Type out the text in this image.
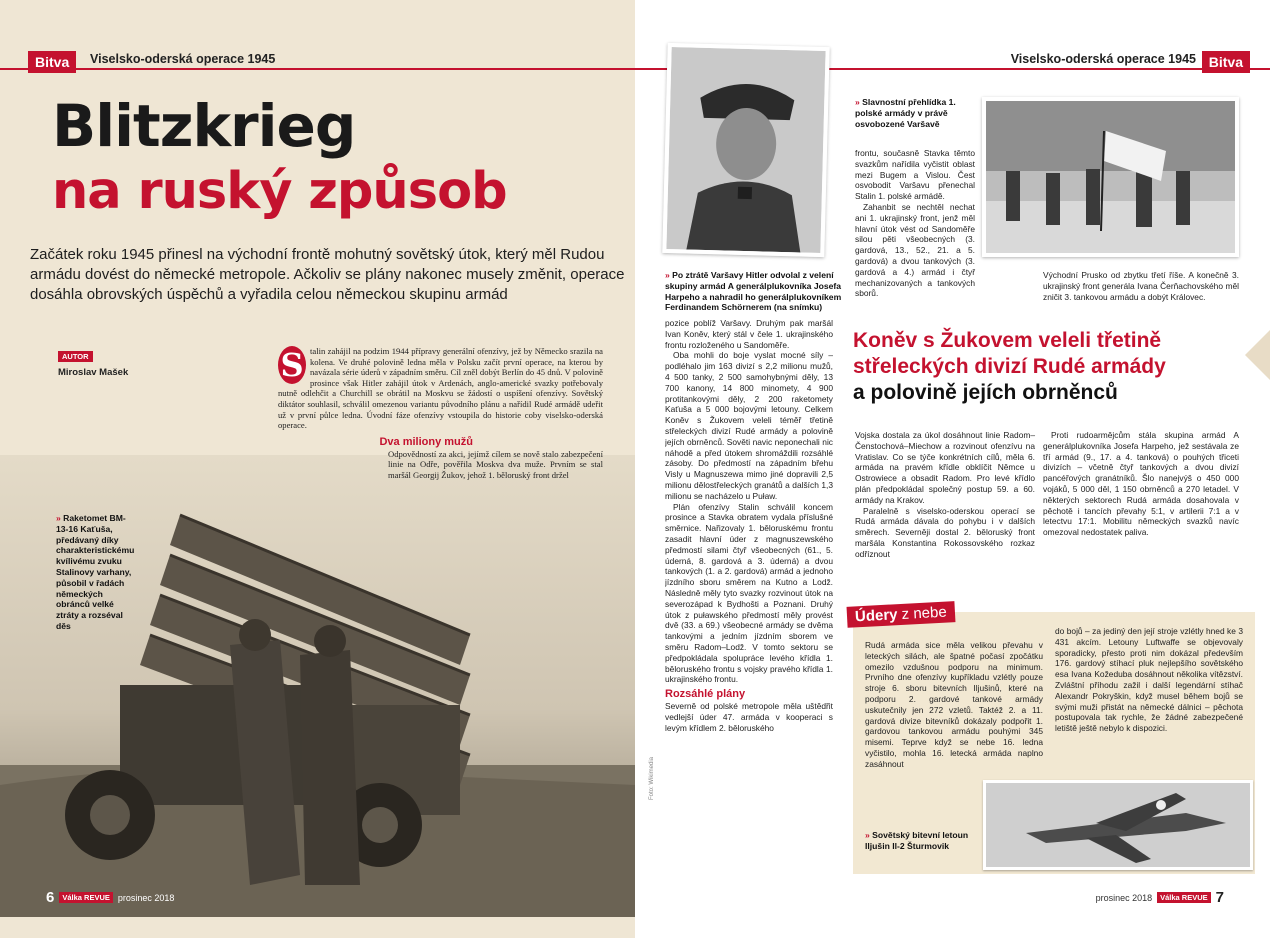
Bitva	Viselsko-oderská operace 1945
Blitzkrieg
na ruský způsob
Začátek roku 1945 přinesl na východní frontě mohutný sovětský útok, který měl Rudou armádu dovést do německé metropole. Ačkoliv se plány nakonec musely změnit, operace dosáhla obrovských úspěchů a vyřadila celou německou skupinu armád
AUTOR
Miroslav Mašek	S talin zahájil na podzim 1944 přípravy generální ofenzívy, jež by Německo srazila na kolena. Ve druhé polovině ledna měla v Polsku začít první operace, na kterou by navázala série úderů v západním směru. Cíl zněl dobýt Berlín do 45 dnů. V polovině prosince však Hitler zahájil útok v Ardenách, anglo-americké svazky potřebovaly nutně odlehčit a Churchill se obrátil na Moskvu se žádostí o uspíšení ofenzívy. Sovětský diktátor souhlasil, schválil omezenou variantu původního plánu a nařídil Rudé armádě udeřit už v první půlce ledna. Úvodní fáze ofenzívy vstoupila do historie coby viselsko-oderská operace.
Dva miliony mužů
Odpovědností za akci, jejímž cílem se nově stalo zabezpečení linie na Odře, pověřila Moskva dva muže. Prvním se stal maršál Georgij Žukov, jehož 1. běloruský front držel
» Raketomet BM-13-16 Kaťuša, předávaný díky charakteristickému kvílivému zvuku Stalinovy varhany, působil v řadách německých obránců velké ztráty a rozséval děs
6	Válka REVUE prosinec 2018
Viselsko-oderská operace 1945 Bitva
» Po ztrátě Varšavy Hitler odvolal z velení skupiny armád A generálplukovníka Josefa Harpeho a nahradil ho generálplukovníkem Ferdinandem Schörnerem (na snímku)
» Slavnostní přehlídka 1. polské armády v právě osvobozené Varšavě
pozice poblíž Varšavy. Druhým pak maršál Ivan Koněv, který stál v čele 1. ukrajinského frontu rozloženého u Sandoměře.
Oba mohli do boje vyslat mocné síly – podléhalo jim 163 divizí s 2,2 milionu mužů, 4 500 tanky, 2 500 samohybnými děly, 13 700 kanony, 14 800 minomety, 4 900 protitankovými děly, 2 200 raketomety Kaťuša a 5 000 bojovými letouny. Celkem Koněv s Žukovem veleli téměř třetině střeleckých divizí Rudé armády a polovině jejích obrněnců. Sověti navic neponechali nic náhodě a před útokem shromáždili rozsáhlé zásoby. Do předmostí na západním břehu Visly u Magnuszewa mimo jiné dopravili 2,5 milionu dělostřeleckých granátů a dalších 1,3 milionu se nacházelo u Puław.
Plán ofenzívy Stalin schválil koncem prosince a Stavka obratem vydala příslušné směrnice. Nařizovaly 1. běloruskému frontu zasadit hlavní úder z magnuszewského předmostí silami čtyř všeobecných (61., 5. úderná, 8. gardová a 3. úderná) a dvou tankových (1. a 2. gardová) armád a jednoho jízdního sboru směrem na Kutno a Lodž. Následně měly tyto svazky rozvinout útok na severozápad k Bydhošti a Poznani. Druhý útok z puławského předmostí měly provést dvě (33. a 69.) všeobecné armády se dvěma tankovými a jedním jízdním sborem ve směru Radom–Lodž. V tomto sektoru se předpokládala spolupráce levého křídla 1. běloruského frontu s vojsky pravého křídla 1. ukrajinského frontu.
Rozsáhlé plány
Severně od polské metropole měla uštědřit vedlejší úder 47. armáda v kooperaci s levým křídlem 2. běloruského
Foto: Wikimedia
frontu, současně Stavka těmto svazkům nařídila vyčistit oblast mezi Bugem a Vislou. Čest osvobodit Varšavu přenechal Stalin 1. polské armádě.
Zahanbit se nechtěl nechat ani 1. ukrajinský front, jenž měl hlavní útok vést od Sandoměře silou pěti všeobecných (3. gardová, 13., 52., 21. a 5. gardová) a dvou tankových (3. gardová a 4.) armád i čtyř mechanizovaných a tankových sborů.
Východní Prusko od zbytku třetí říše. A konečně 3. ukrajinský front generála Ivana Čerňachovského měl zničit 3. tankovou armádu a dobýt Královec.
Koněv s Žukovem veleli třetině
střeleckých divizí Rudé armády
a polovině jejích obrněnců
Vojska dostala za úkol dosáhnout linie Radom–Čenstochová–Miechow a rozvinout ofenzívu na Vratislav. Co se týče konkrétních cílů, měla 6. armáda na pravém křídle obklíčit Němce u Ostrowiece a obsadit Radom. Pro levé křídlo plán předpokládal společný postup 59. a 60. armády na Krakov.
Paralelně s viselsko-oderskou operací se Rudá armáda dávala do pohybu i v dalších směrech. Severněji dostal 2. běloruský front maršála Konstantina Rokossovského rozkaz odříznout
Proti rudoarmějcům stála skupina armád A generálplukovníka Josefa Harpeho, jež sestávala ze tří armád (9., 17. a 4. tanková) o pouhých třiceti divizích – včetně čtyř tankových a dvou divizí pancéřových granátníků. Šlo nanejvýš o 450 000 vojáků, 5 000 děl, 1 150 obrněnců a 270 letadel. V některých sektorech Rudá armáda dosahovala v pěchotě i tancích převahy 5:1, v artilerii 7:1 a v letectvu 17:1. Mobilitu německých svazků navíc omezoval nedostatek paliva.
Údery z nebe
Rudá armáda sice měla velikou převahu v leteckých silách, ale špatné počasí zpočátku omezilo vzdušnou podporu na minimum. Prvního dne ofenzívy kupříkladu vzlétly pouze stroje 6. sboru bitevních Iljušinů, které na podporu 2. gardové tankové armády uskutečnily jen 272 vzletů. Taktéž 2. a 11. gardová divize bitevníků dokázaly podpořit 1. gardovou tankovou armádu pouhými 345 misemi. Teprve když se nebe 16. ledna vyčistilo, mohla 16. letecká armáda naplno zasáhnout
do bojů – za jediný den její stroje vzlétly hned ke 3 431 akcím. Letouny Luftwaffe se objevovaly sporadicky, přesto proti nim dokázal především 176. gardový stíhací pluk nejlepšího sovětského esa Ivana Kožeduba dosáhnout několika vítězství. Zvláštní příhodu zažil i další legendární stíhač Alexandr Pokryškin, když musel během bojů se svými muži přistát na německé dálnici – pěchota postupovala tak rychle, že žádné zabezpečené letiště ještě nebylo k dispozici.
» Sovětský bitevní letoun Iljušin Il-2 Šturmovik
prosinec 2018	Válka REVUE 7
